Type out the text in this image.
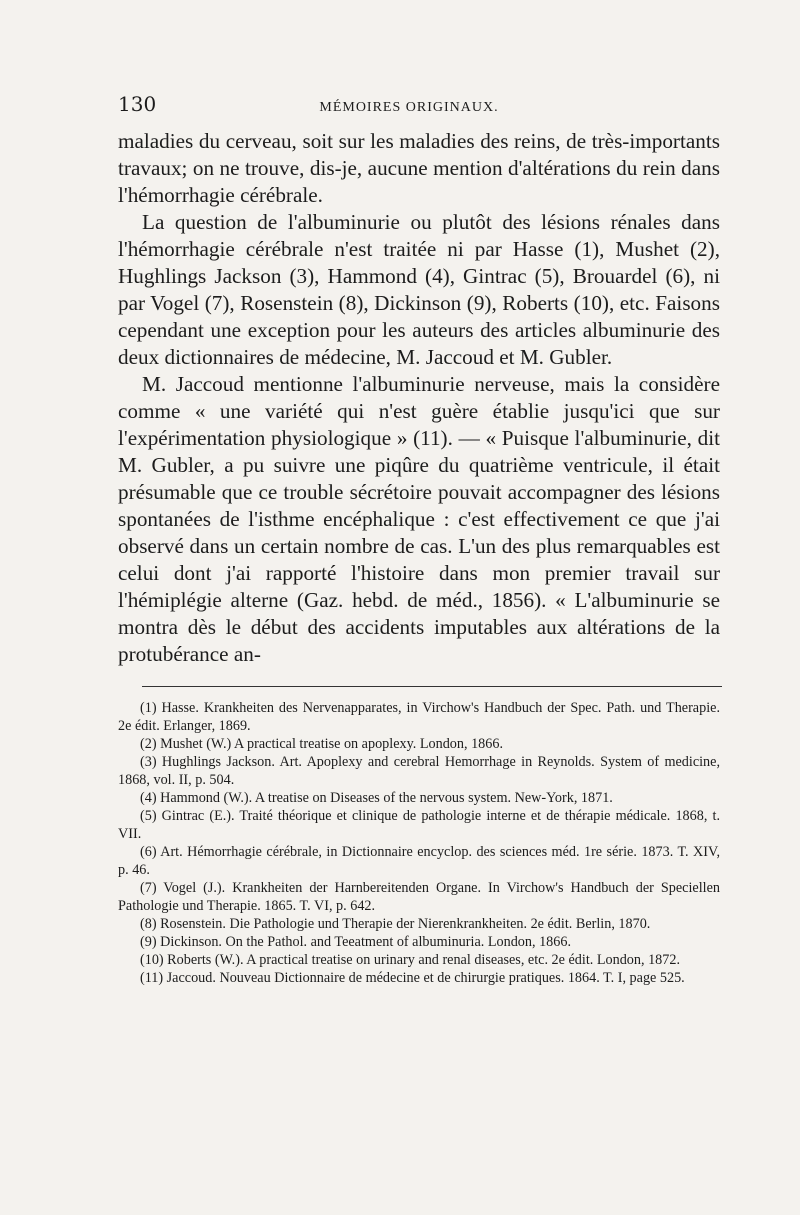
130	MÉMOIRES ORIGINAUX.

maladies du cerveau, soit sur les maladies des reins, de très-importants travaux; on ne trouve, dis-je, aucune mention d'altérations du rein dans l'hémorrhagie cérébrale.

La question de l'albuminurie ou plutôt des lésions rénales dans l'hémorrhagie cérébrale n'est traitée ni par Hasse (1), Mushet (2), Hughlings Jackson (3), Hammond (4), Gintrac (5), Brouardel (6), ni par Vogel (7), Rosenstein (8), Dickinson (9), Roberts (10), etc. Faisons cependant une exception pour les auteurs des articles albuminurie des deux dictionnaires de médecine, M. Jaccoud et M. Gubler.

M. Jaccoud mentionne l'albuminurie nerveuse, mais la considère comme « une variété qui n'est guère établie jusqu'ici que sur l'expérimentation physiologique » (11). — « Puisque l'albuminurie, dit M. Gubler, a pu suivre une piqûre du quatrième ventricule, il était présumable que ce trouble sécrétoire pouvait accompagner des lésions spontanées de l'isthme encéphalique : c'est effectivement ce que j'ai observé dans un certain nombre de cas. L'un des plus remarquables est celui dont j'ai rapporté l'histoire dans mon premier travail sur l'hémiplégie alterne (Gaz. hebd. de méd., 1856). « L'albuminurie se montra dès le début des accidents imputables aux altérations de la protubérance an-

(1) Hasse. Krankheiten des Nervenapparates, in Virchow's Handbuch der Spec. Path. und Therapie. 2e édit. Erlanger, 1869.

(2) Mushet (W.) A practical treatise on apoplexy. London, 1866.

(3) Hughlings Jackson. Art. Apoplexy and cerebral Hemorrhage in Reynolds. System of medicine, 1868, vol. II, p. 504.

(4) Hammond (W.). A treatise on Diseases of the nervous system. New-York, 1871.

(5) Gintrac (E.). Traité théorique et clinique de pathologie interne et de thérapie médicale. 1868, t. VII.

(6) Art. Hémorrhagie cérébrale, in Dictionnaire encyclop. des sciences méd. 1re série. 1873. T. XIV, p. 46.

(7) Vogel (J.). Krankheiten der Harnbereitenden Organe. In Virchow's Handbuch der Speciellen Pathologie und Therapie. 1865. T. VI, p. 642.

(8) Rosenstein. Die Pathologie und Therapie der Nierenkrankheiten. 2e édit. Berlin, 1870.

(9) Dickinson. On the Pathol. and Teeatment of albuminuria. London, 1866.

(10) Roberts (W.). A practical treatise on urinary and renal diseases, etc. 2e édit. London, 1872.

(11) Jaccoud. Nouveau Dictionnaire de médecine et de chirurgie pratiques. 1864. T. I, page 525.
